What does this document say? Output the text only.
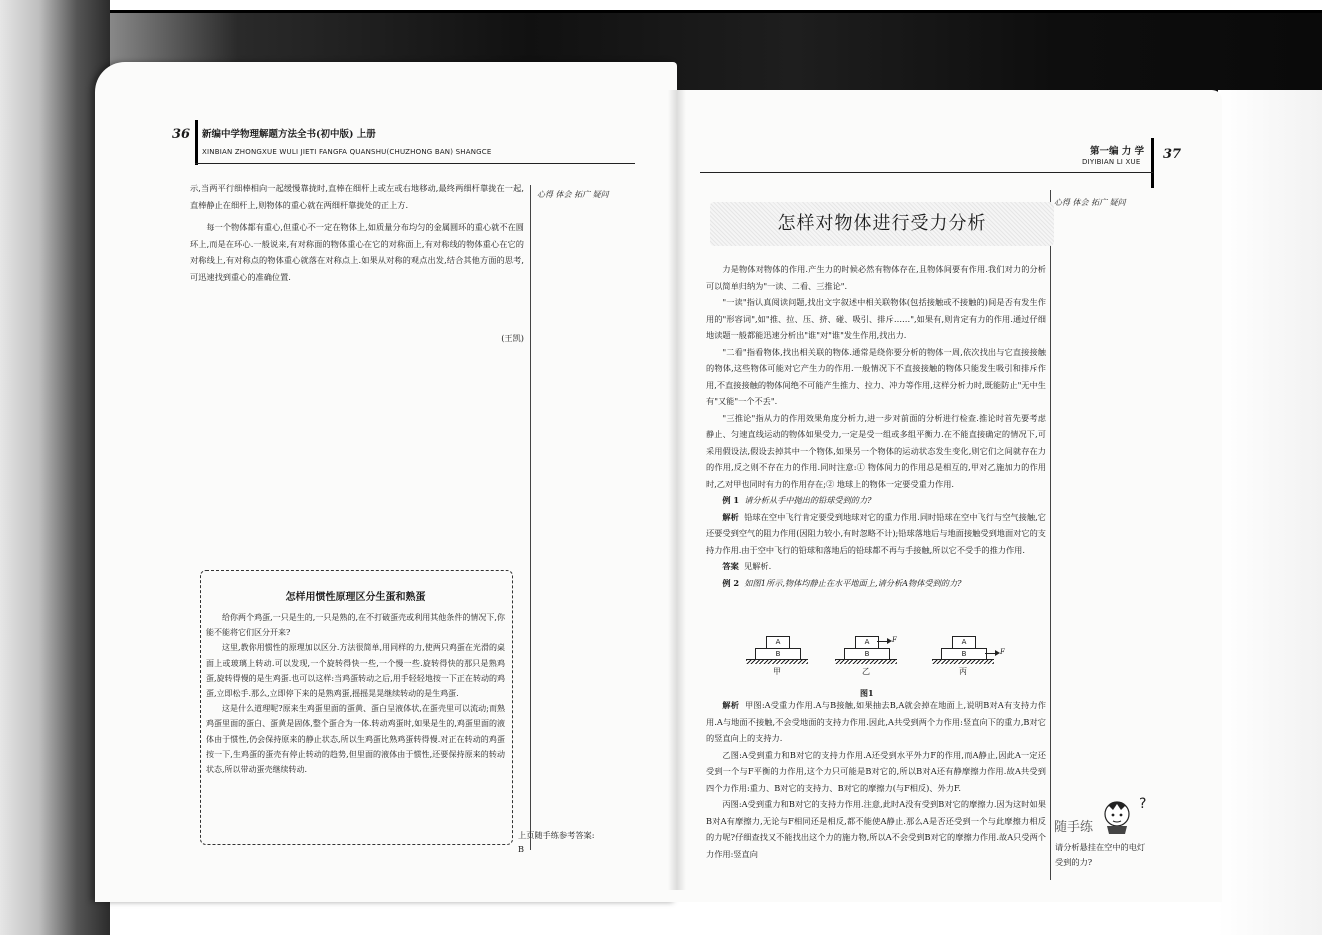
36 新编中学物理解题方法全书(初中版) 上册
XINBIAN ZHONGXUE WULI JIETI FANGFA QUANSHU(CHUZHONG BAN) SHANGCE
心得 体会 拓广 疑问

示,当两平行细棒相向一起缓慢靠拢时,直棒在细杆上或左或右地移动,最终两细杆靠拢在一起,直棒静止在细杆上,则物体的重心就在两细杆靠拢处的正上方.

每一个物体都有重心,但重心不一定在物体上,如质量分布均匀的金属圆环的重心就不在圆环上,而是在环心.一般说来,有对称面的物体重心在它的对称面上,有对称线的物体重心在它的对称线上,有对称点的物体重心就落在对称点上.如果从对称的观点出发,结合其他方面的思考,可迅速找到重心的准确位置.

(王凯)
怎样用惯性原理区分生蛋和熟蛋

给你两个鸡蛋,一只是生的,一只是熟的,在不打破蛋壳或利用其他条件的情况下,你能不能将它们区分开来?

这里,教你用惯性的原理加以区分.方法很简单,用同样的力,使两只鸡蛋在光滑的桌面上或玻璃上转动.可以发现,一个旋转得快一些,一个慢一些.旋转得快的那只是熟鸡蛋,旋转得慢的是生鸡蛋.也可以这样:当鸡蛋转动之后,用手轻轻地按一下正在转动的鸡蛋,立即松手.那么,立即停下来的是熟鸡蛋,摇摇晃晃继续转动的是生鸡蛋.

这是什么道理呢?原来生鸡蛋里面的蛋黄、蛋白呈液体状,在蛋壳里可以流动;而熟鸡蛋里面的蛋白、蛋黄是固体,整个蛋合为一体.转动鸡蛋时,如果是生的,鸡蛋里面的液体由于惯性,仍会保持原来的静止状态,所以生鸡蛋比熟鸡蛋转得慢.对正在转动的鸡蛋按一下,生鸡蛋的蛋壳有停止转动的趋势,但里面的液体由于惯性,还要保持原来的转动状态,所以带动蛋壳继续转动.

上页随手练参考答案:
B
第一编 力 学
DIYIBIAN LI XUE 37
心得 体会 拓广 疑问
怎样对物体进行受力分析

力是物体对物体的作用.产生力的时候必然有物体存在,且物体间要有作用.我们对力的分析可以简单归纳为"一读、二看、三推论".

"一读"指认真阅读问题,找出文字叙述中相关联物体(包括接触或不接触的)间是否有发生作用的"形容词",如"推、拉、压、挤、碰、吸引、排斥……",如果有,则肯定有力的作用.通过仔细地读题一般都能迅速分析出"谁"对"谁"发生作用,找出力.

"二看"指看物体,找出相关联的物体.通常是绕你要分析的物体一周,依次找出与它直接接触的物体,这些物体可能对它产生力的作用.一般情况下不直接接触的物体只能发生吸引和排斥作用,不直接接触的物体间绝不可能产生推力、拉力、冲力等作用,这样分析力时,既能防止"无中生有"又能"一个不丢".

"三推论"指从力的作用效果角度分析力,进一步对前面的分析进行检查.推论时首先要考虑静止、匀速直线运动的物体如果受力,一定是受一组或多组平衡力.在不能直接确定的情况下,可采用假设法,假设去掉其中一个物体,如果另一个物体的运动状态发生变化,则它们之间就存在力的作用,反之则不存在力的作用.同时注意:① 物体间力的作用总是相互的,甲对乙施加力的作用时,乙对甲也同时有力的作用存在;② 地球上的物体一定要受重力作用.

例 1 请分析从手中抛出的铅球受到的力?

解析 铅球在空中飞行肯定要受到地球对它的重力作用.同时铅球在空中飞行与空气接触,它还要受到空气的阻力作用(因阻力较小,有时忽略不计);铅球落地后与地面接触受到地面对它的支持力作用.由于空中飞行的铅球和落地后的铅球都不再与手接触,所以它不受手的推力作用.

答案 见解析.

例 2 如图1所示,物体均静止在水平地面上,请分析A物体受到的力?

A
B
甲
A	F
B
乙
A
B	F
丙
图1

解析 甲图:A受重力作用.A与B接触,如果抽去B,A就会掉在地面上,说明B对A有支持力作用.A与地面不接触,不会受地面的支持力作用.因此,A共受到两个力作用:竖直向下的重力,B对它的竖直向上的支持力.

乙图:A受到重力和B对它的支持力作用.A还受到水平外力F的作用,而A静止,因此A一定还受到一个与F平衡的力作用,这个力只可能是B对它的,所以B对A还有静摩擦力作用.故A共受到四个力作用:重力、B对它的支持力、B对它的摩擦力(与F相反)、外力F.

丙图:A受到重力和B对它的支持力作用.注意,此时A没有受到B对它的摩擦力.因为这时如果B对A有摩擦力,无论与F相同还是相反,都不能使A静止.那么A是否还受到一个与此摩擦力相反的力呢?仔细查找又不能找出这个力的施力物,所以A不会受到B对它的摩擦力作用.故A只受两个力作用:竖直向

随手练
?
请分析悬挂在空中的电灯受到的力?
